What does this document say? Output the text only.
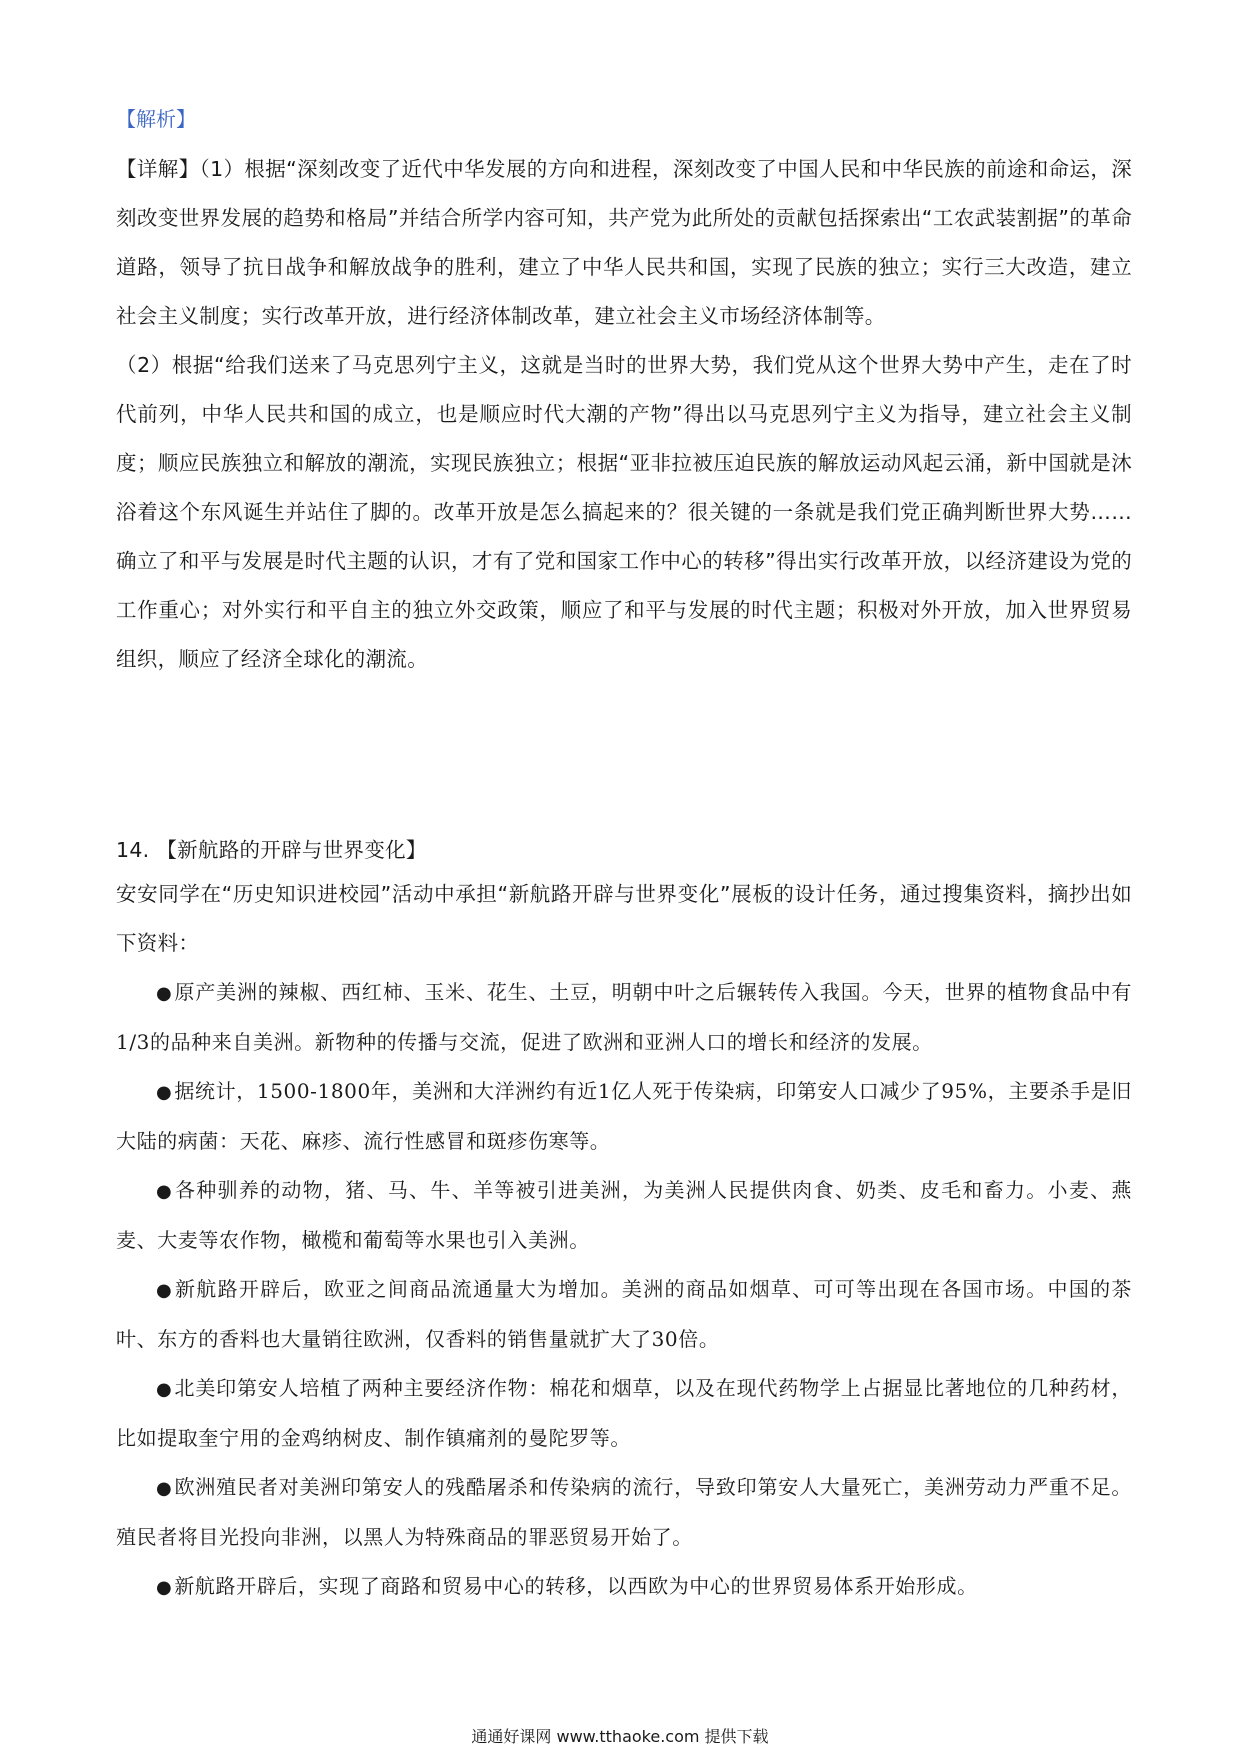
【解析】
【详解】（1）根据“深刻改变了近代中华发展的方向和进程，深刻改变了中国人民和中华民族的前途和命运，深刻改变世界发展的趋势和格局”并结合所学内容可知，共产党为此所处的贡献包括探索出“工农武装割据”的革命道路，领导了抗日战争和解放战争的胜利，建立了中华人民共和国，实现了民族的独立；实行三大改造，建立社会主义制度；实行改革开放，进行经济体制改革，建立社会主义市场经济体制等。
（2）根据“给我们送来了马克思列宁主义，这就是当时的世界大势，我们党从这个世界大势中产生，走在了时代前列，中华人民共和国的成立，也是顺应时代大潮的产物”得出以马克思列宁主义为指导，建立社会主义制度；顺应民族独立和解放的潮流，实现民族独立；根据“亚非拉被压迫民族的解放运动风起云涌，新中国就是沐浴着这个东风诞生并站住了脚的。改革开放是怎么搞起来的？很关键的一条就是我们党正确判断世界大势……确立了和平与发展是时代主题的认识，才有了党和国家工作中心的转移”得出实行改革开放，以经济建设为党的工作重心；对外实行和平自主的独立外交政策，顺应了和平与发展的时代主题；积极对外开放，加入世界贸易组织，顺应了经济全球化的潮流。
14. 【新航路的开辟与世界变化】
安安同学在“历史知识进校园”活动中承担“新航路开辟与世界变化”展板的设计任务，通过搜集资料，摘抄出如下资料：

● 原产美洲的辣椒、西红柿、玉米、花生、土豆，明朝中叶之后辗转传入我国。今天，世界的植物食品中有1/3的品种来自美洲。新物种的传播与交流，促进了欧洲和亚洲人口的增长和经济的发展。

● 据统计，1500-1800年，美洲和大洋洲约有近1亿人死于传染病，印第安人口减少了95%，主要杀手是旧大陆的病菌：天花、麻疹、流行性感冒和斑疹伤寒等。

● 各种驯养的动物，猪、马、牛、羊等被引进美洲，为美洲人民提供肉食、奶类、皮毛和畜力。小麦、燕麦、大麦等农作物，橄榄和葡萄等水果也引入美洲。

● 新航路开辟后，欧亚之间商品流通量大为增加。美洲的商品如烟草、可可等出现在各国市场。中国的茶叶、东方的香料也大量销往欧洲，仅香料的销售量就扩大了30倍。

● 北美印第安人培植了两种主要经济作物：棉花和烟草，以及在现代药物学上占据显比著地位的几种药材，比如提取奎宁用的金鸡纳树皮、制作镇痛剂的曼陀罗等。

● 欧洲殖民者对美洲印第安人的残酷屠杀和传染病的流行，导致印第安人大量死亡，美洲劳动力严重不足。殖民者将目光投向非洲，以黑人为特殊商品的罪恶贸易开始了。

● 新航路开辟后，实现了商路和贸易中心的转移，以西欧为中心的世界贸易体系开始形成。

通通好课网 www.tthaoke.com 提供下载
